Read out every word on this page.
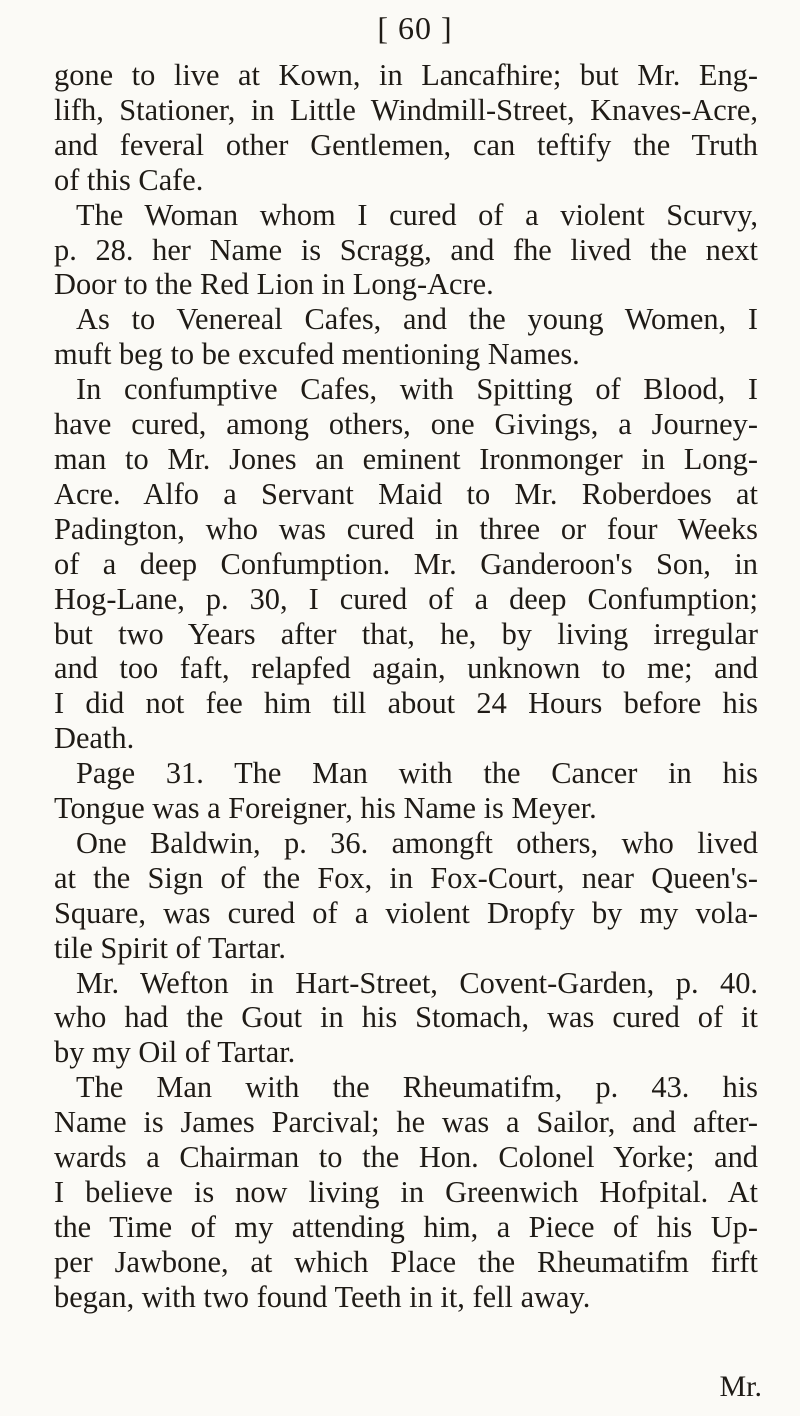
[ 60 ]
gone to live at Kown, in Lancafhire; but Mr. Eng-
lifh, Stationer, in Little Windmill-Street, Knaves-Acre,
and feveral other Gentlemen, can teftify the Truth
of this Cafe.
The Woman whom I cured of a violent Scurvy,
p. 28. her Name is Scragg, and fhe lived the next
Door to the Red Lion in Long-Acre.
As to Venereal Cafes, and the young Women, I
muft beg to be excufed mentioning Names.
In confumptive Cafes, with Spitting of Blood, I
have cured, among others, one Givings, a Journey-
man to Mr. Jones an eminent Ironmonger in Long-
Acre. Alfo a Servant Maid to Mr. Roberdoes at
Padington, who was cured in three or four Weeks
of a deep Confumption. Mr. Ganderoon's Son, in
Hog-Lane, p. 30, I cured of a deep Confumption;
but two Years after that, he, by living irregular
and too faft, relapfed again, unknown to me; and
I did not fee him till about 24 Hours before his
Death.
Page 31. The Man with the Cancer in his
Tongue was a Foreigner, his Name is Meyer.
One Baldwin, p. 36. amongft others, who lived
at the Sign of the Fox, in Fox-Court, near Queen's-
Square, was cured of a violent Dropfy by my vola-
tile Spirit of Tartar.
Mr. Wefton in Hart-Street, Covent-Garden, p. 40.
who had the Gout in his Stomach, was cured of it
by my Oil of Tartar.
The Man with the Rheumatifm, p. 43. his
Name is James Parcival; he was a Sailor, and after-
wards a Chairman to the Hon. Colonel Yorke; and
I believe is now living in Greenwich Hofpital. At
the Time of my attending him, a Piece of his Up-
per Jawbone, at which Place the Rheumatifm firft
began, with two found Teeth in it, fell away.
Mr.
